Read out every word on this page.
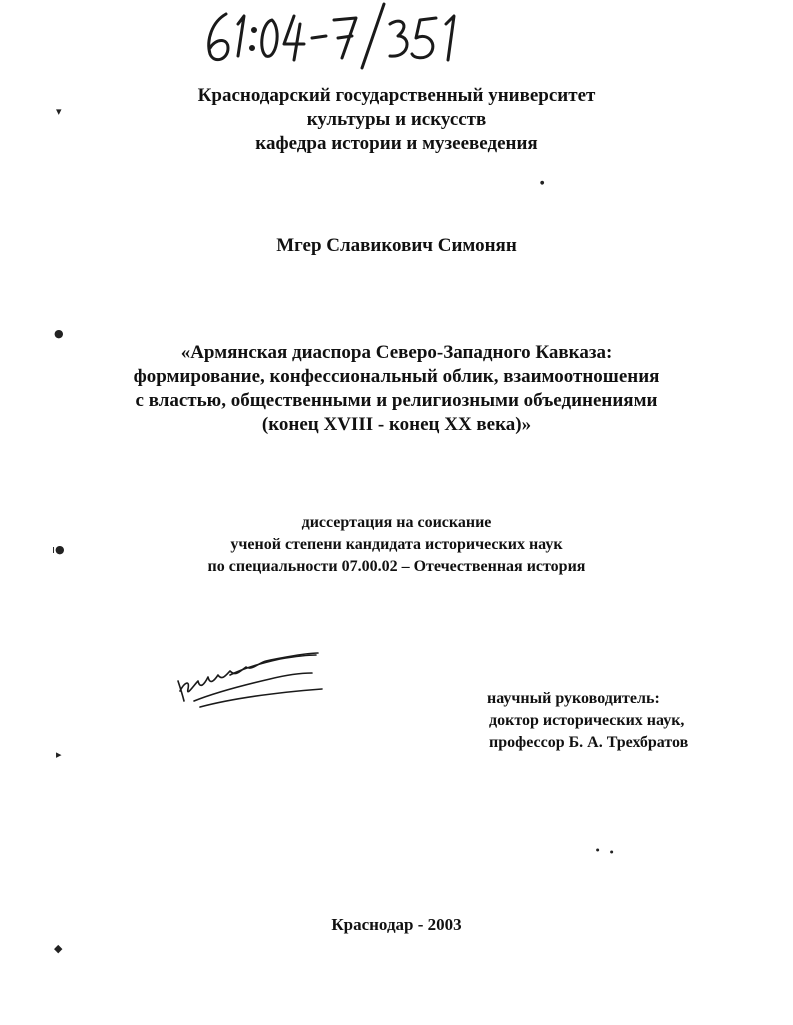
Краснодарский государственный университет
культуры и искусств
кафедра истории и музееведения
Мгер Славикович Симонян
«Армянская диаспора Северо-Западного Кавказа:
формирование, конфессиональный облик, взаимоотношения
с властью, общественными и религиозными объединениями
(конец XVIII - конец XX века)»
диссертация на соискание
ученой степени кандидата исторических наук
по специальности 07.00.02 – Отечественная история
научный руководитель:
доктор исторических наук,
профессор Б. А. Трехбратов
Краснодар - 2003
▾
●
ı●
▸
◆
●
●	●
